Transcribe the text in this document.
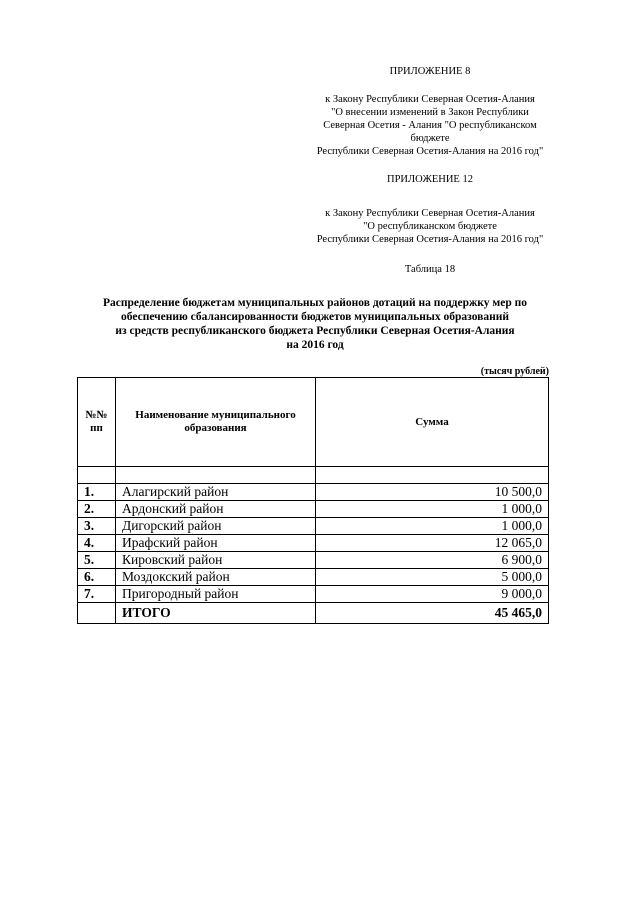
ПРИЛОЖЕНИЕ 8
к Закону Республики Северная Осетия-Алания
"О внесении изменений в Закон Республики
Северная Осетия - Алания "О республиканском
бюджете
Республики Северная Осетия-Алания на 2016 год"
ПРИЛОЖЕНИЕ 12
к Закону Республики Северная Осетия-Алания
"О республиканском бюджете
Республики Северная Осетия-Алания на 2016 год"
Таблица 18
Распределение бюджетам муниципальных районов дотаций на поддержку мер по
обеспечению сбалансированности бюджетов муниципальных образований
из средств республиканского бюджета Республики Северная Осетия-Алания
на 2016 год
(тысяч рублей)
№№ пп	Наименование муниципального образования	Сумма

1.	Алагирский район	10 500,0
2.	Ардонский район	1 000,0
3.	Дигорский район	1 000,0
4.	Ирафский район	12 065,0
5.	Кировский район	6 900,0
6.	Моздокский район	5 000,0
7.	Пригородный район	9 000,0
	ИТОГО	45 465,0
